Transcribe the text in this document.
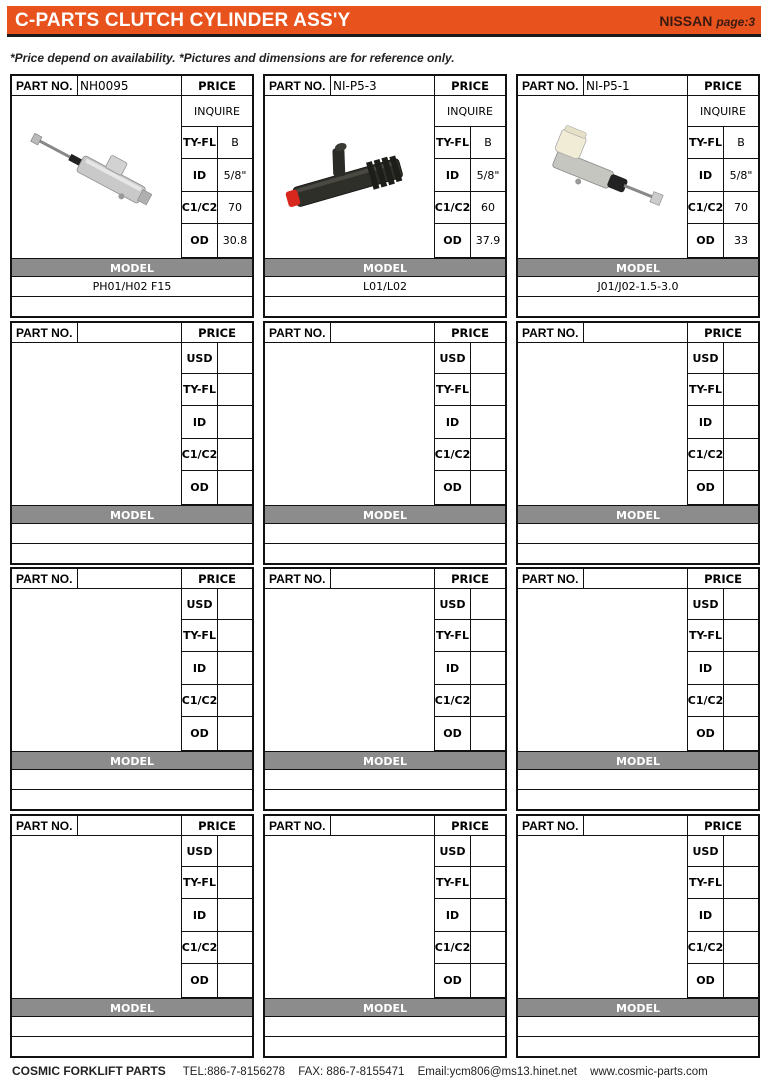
C-PARTS CLUTCH CYLINDER ASS'Y	NISSAN page:3
*Price depend on availability. *Pictures and dimensions are for reference only.
PART NO. NH0095	PRICE
INQUIRE
TY-FL	B
ID	5/8"
C1/C2 70
OD	30.8
MODEL
PH01/H02 F15
PART NO. NI-P5-3	PRICE
INQUIRE
TY-FL	B
ID	5/8"
C1/C2 60
OD	37.9
MODEL
L01/L02
PART NO. NI-P5-1	PRICE
INQUIRE
TY-FL	B
ID	5/8"
C1/C2 70
OD	33
MODEL
J01/J02-1.5-3.0
PART NO.	PRICE
USD
TY-FL
ID
C1/C2
OD
MODEL
PART NO.	PRICE
USD
TY-FL
ID
C1/C2
OD
MODEL
PART NO.	PRICE
USD
TY-FL
ID
C1/C2
OD
MODEL
PART NO.	PRICE
USD
TY-FL
ID
C1/C2
OD
MODEL
PART NO.	PRICE
USD
TY-FL
ID
C1/C2
OD
MODEL
PART NO.	PRICE
USD
TY-FL
ID
C1/C2
OD
MODEL
PART NO.	PRICE
USD
TY-FL
ID
C1/C2
OD
MODEL
PART NO.	PRICE
USD
TY-FL
ID
C1/C2
OD
MODEL
PART NO.	PRICE
USD
TY-FL
ID
C1/C2
OD
MODEL
COSMIC FORKLIFT PARTS TEL:886-7-8156278 FAX: 886-7-8155471 Email:ycm806@ms13.hinet.net www.cosmic-parts.com
